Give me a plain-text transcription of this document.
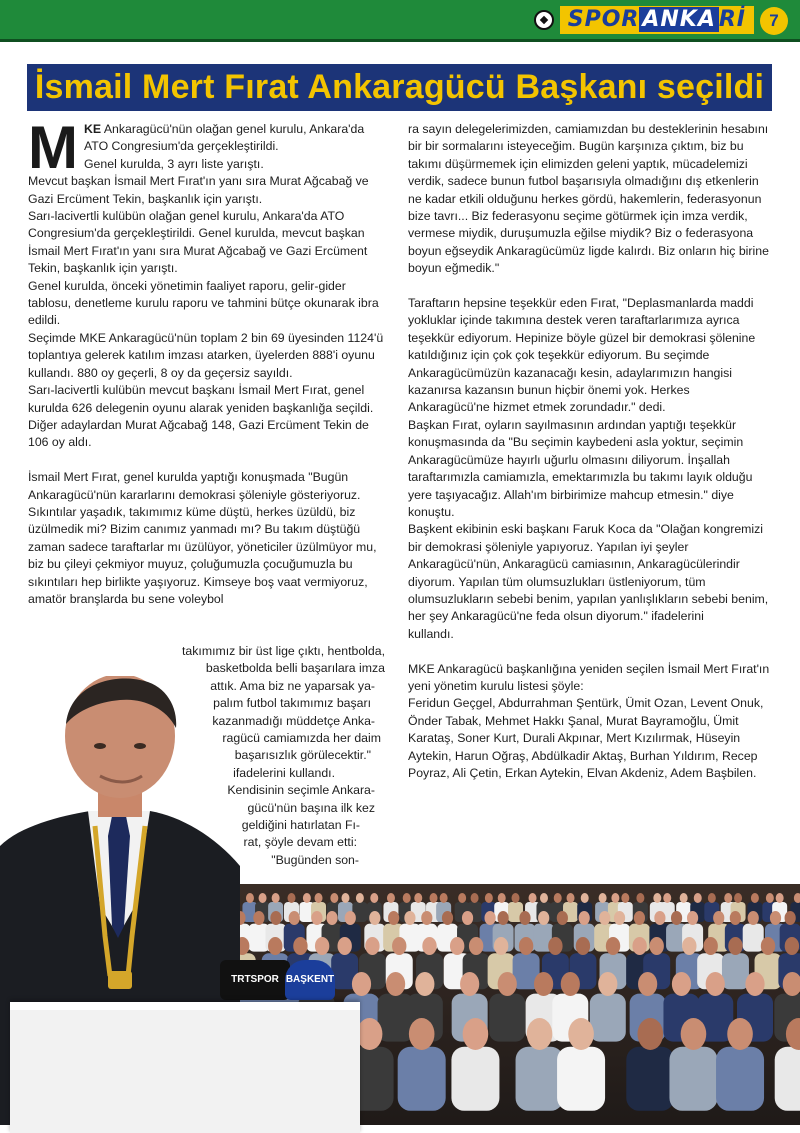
SPOR ANKA Rİ	7
İsmail Mert Fırat Ankaragücü Başkanı seçildi
M KE Ankaragücü'nün olağan genel kurulu, Ankara'da ATO Congresium'da gerçekleştirildi.

Genel kurulda, 3 ayrı liste yarıştı.

Mevcut başkan İsmail Mert Fırat'ın yanı sıra Murat Ağcabağ ve Gazi Ercüment Tekin, başkanlık için yarıştı.

Sarı-lacivertli kulübün olağan genel kurulu, Ankara'da ATO Congresium'da gerçekleştirildi. Genel kurulda, mevcut başkan İsmail Mert Fırat'ın yanı sıra Murat Ağcabağ ve Gazi Ercüment Tekin, başkanlık için yarıştı.

Genel kurulda, önceki yönetimin faaliyet raporu, gelir-gider tablosu, denetleme kurulu raporu ve tahmini bütçe okunarak ibra edildi.

Seçimde MKE Ankaragücü'nün toplam 2 bin 69 üyesinden 1124'ü toplantıya gelerek katılım imzası atarken, üyelerden 888'i oyunu kullandı. 880 oy geçerli, 8 oy da geçersiz sayıldı.

Sarı-lacivertli kulübün mevcut başkanı İsmail Mert Fırat, genel kurulda 626 delegenin oyunu alarak yeniden başkanlığa seçildi. Diğer adaylardan Murat Ağcabağ 148, Gazi Ercüment Tekin de 106 oy aldı.

İsmail Mert Fırat, genel kurulda yaptığı konuşmada "Bugün Ankaragücü'nün kararlarını demokrasi şöleniyle gösteriyoruz. Sıkıntılar yaşadık, takımımız küme düştü, herkes üzüldü, biz üzülmedik mi? Bizim canımız yanmadı mı? Bu takım düştüğü zaman sadece taraftarlar mı üzülüyor, yöneticiler üzülmüyor mu, biz bu çileyi çekmiyor muyuz, çoluğumuzla çocuğumuzla bu sıkıntıları hep birlikte yaşıyoruz. Kimseye boş vaat vermiyoruz, amatör branşlarda bu sene voleybol

takımımız bir üst lige çıktı, hentbolda,

basketbolda belli başarılara imza

attık. Ama biz ne yaparsak ya-

palım futbol takımımız başarı

kazanmadığı müddetçe Anka-

ragücü camiamızda her daim

başarısızlık görülecektir."

ifadelerini kullandı.

Kendisinin seçimle Ankara-

gücü'nün başına ilk kez

geldiğini hatırlatan Fı-

rat, şöyle devam etti:

"Bugünden son-

ra sayın delegelerimizden, camiamızdan bu desteklerinin hesabını bir bir sormalarını isteyeceğim. Bugün karşınıza çıktım, biz bu takımı düşürmemek için elimizden geleni yaptık, mücadelemizi verdik, sadece bunun futbol başarısıyla olmadığını dış etkenlerin ne kadar etkili olduğunu herkes gördü, hakemlerin, federasyonun bize tavrı... Biz federasyonu seçime götürmek için imza verdik, vermese miydik, duruşumuzla eğilse miydik? Biz o federasyona boyun eğseydik Ankaragücümüz ligde kalırdı. Biz onların hiç birine boyun eğmedik."

Taraftarın hepsine teşekkür eden Fırat, "Deplasmanlarda maddi yokluklar içinde takımına destek veren taraftarlarımıza ayrıca teşekkür ediyorum. Hepinize böyle güzel bir demokrasi şölenine katıldığınız için çok çok teşekkür ediyorum. Bu seçimde Ankaragücümüzün kazanacağı kesin, adaylarımızın hangisi kazanırsa kazansın bunun hiçbir önemi yok. Herkes Ankaragücü'ne hizmet etmek zorundadır." dedi.

Başkan Fırat, oyların sayılmasının ardından yaptığı teşekkür konuşmasında da "Bu seçimin kaybedeni asla yoktur, seçimin Ankaragücümüze hayırlı uğurlu olmasını diliyorum. İnşallah taraftarımızla camiamızla, emektarımızla bu takımı layık olduğu yere taşıyacağız. Allah'ım birbirimize mahcup etmesin." diye konuştu.

Başkent ekibinin eski başkanı Faruk Koca da "Olağan kongremizi bir demokrasi şöleniyle yapıyoruz. Yapılan iyi şeyler Ankaragücü'nün, Ankaragücü camiasının, Ankaragücülerindir diyorum. Yapılan tüm olumsuzlukları üstleniyorum, tüm olumsuzlukların sebebi benim, yapılan yanlışlıkların sebebi benim, her şey Ankaragücü'ne feda olsun diyorum." ifadelerini

kullandı.

MKE Ankaragücü başkanlığına yeniden seçilen İsmail Mert Fırat'ın yeni yönetim kurulu listesi şöyle:

Feridun Geçgel, Abdurrahman Şentürk, Ümit Ozan, Levent Onuk, Önder Tabak, Mehmet Hakkı Şanal, Murat Bayramoğlu, Ümit Karataş, Soner Kurt, Durali Akpınar, Mert Kızılırmak, Hüseyin Aytekin, Harun Oğraş, Abdülkadir Aktaş, Burhan Yıldırım, Recep Poyraz, Ali Çetin, Erkan Aytekin, Elvan Akdeniz, Adem Başbilen.

TRTSPOR BAŞKENT
